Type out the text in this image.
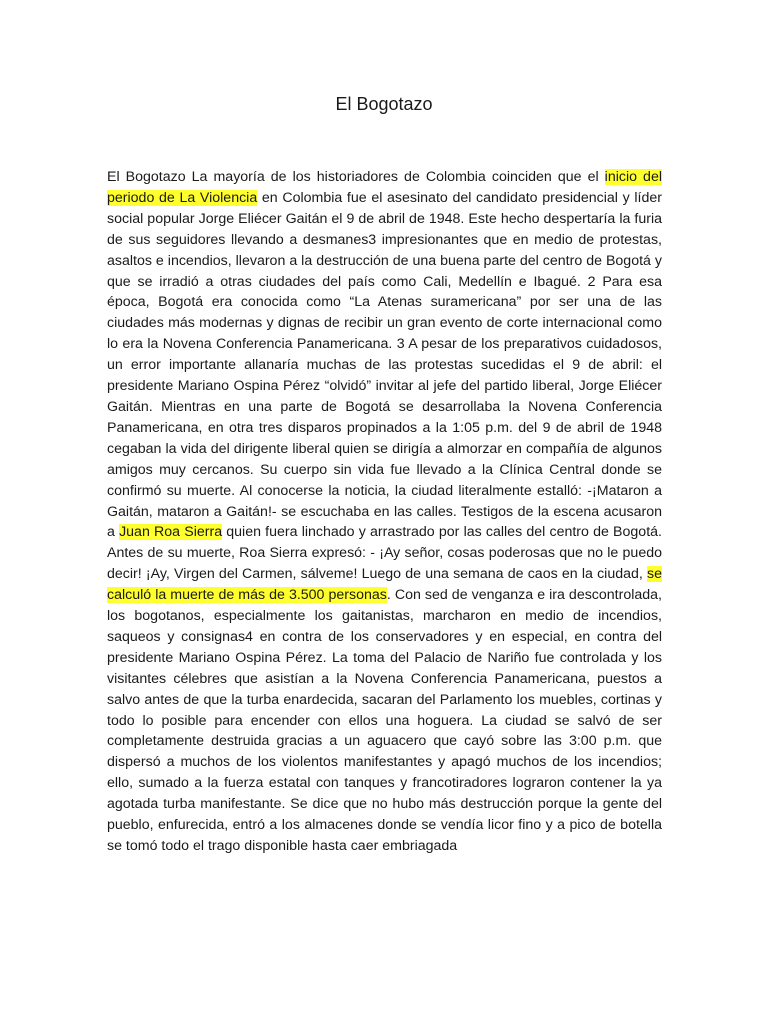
El Bogotazo
El Bogotazo La mayoría de los historiadores de Colombia coinciden que el inicio del periodo de La Violencia en Colombia fue el asesinato del candidato presidencial y líder social popular Jorge Eliécer Gaitán el 9 de abril de 1948. Este hecho despertaría la furia de sus seguidores llevando a desmanes3 impresionantes que en medio de protestas, asaltos e incendios, llevaron a la destrucción de una buena parte del centro de Bogotá y que se irradió a otras ciudades del país como Cali, Medellín e Ibagué. 2 Para esa época, Bogotá era conocida como “La Atenas suramericana” por ser una de las ciudades más modernas y dignas de recibir un gran evento de corte internacional como lo era la Novena Conferencia Panamericana. 3 A pesar de los preparativos cuidadosos, un error importante allanaría muchas de las protestas sucedidas el 9 de abril: el presidente Mariano Ospina Pérez “olvidó” invitar al jefe del partido liberal, Jorge Eliécer Gaitán. Mientras en una parte de Bogotá se desarrollaba la Novena Conferencia Panamericana, en otra tres disparos propinados a la 1:05 p.m. del 9 de abril de 1948 cegaban la vida del dirigente liberal quien se dirigía a almorzar en compañía de algunos amigos muy cercanos. Su cuerpo sin vida fue llevado a la Clínica Central donde se confirmó su muerte. Al conocerse la noticia, la ciudad literalmente estalló: -¡Mataron a Gaitán, mataron a Gaitán!- se escuchaba en las calles. Testigos de la escena acusaron a Juan Roa Sierra quien fuera linchado y arrastrado por las calles del centro de Bogotá. Antes de su muerte, Roa Sierra expresó: - ¡Ay señor, cosas poderosas que no le puedo decir! ¡Ay, Virgen del Carmen, sálveme! Luego de una semana de caos en la ciudad, se calculó la muerte de más de 3.500 personas. Con sed de venganza e ira descontrolada, los bogotanos, especialmente los gaitanistas, marcharon en medio de incendios, saqueos y consignas4 en contra de los conservadores y en especial, en contra del presidente Mariano Ospina Pérez. La toma del Palacio de Nariño fue controlada y los visitantes célebres que asistían a la Novena Conferencia Panamericana, puestos a salvo antes de que la turba enardecida, sacaran del Parlamento los muebles, cortinas y todo lo posible para encender con ellos una hoguera. La ciudad se salvó de ser completamente destruida gracias a un aguacero que cayó sobre las 3:00 p.m. que dispersó a muchos de los violentos manifestantes y apagó muchos de los incendios; ello, sumado a la fuerza estatal con tanques y francotiradores lograron contener la ya agotada turba manifestante. Se dice que no hubo más destrucción porque la gente del pueblo, enfurecida, entró a los almacenes donde se vendía licor fino y a pico de botella se tomó todo el trago disponible hasta caer embriagada
